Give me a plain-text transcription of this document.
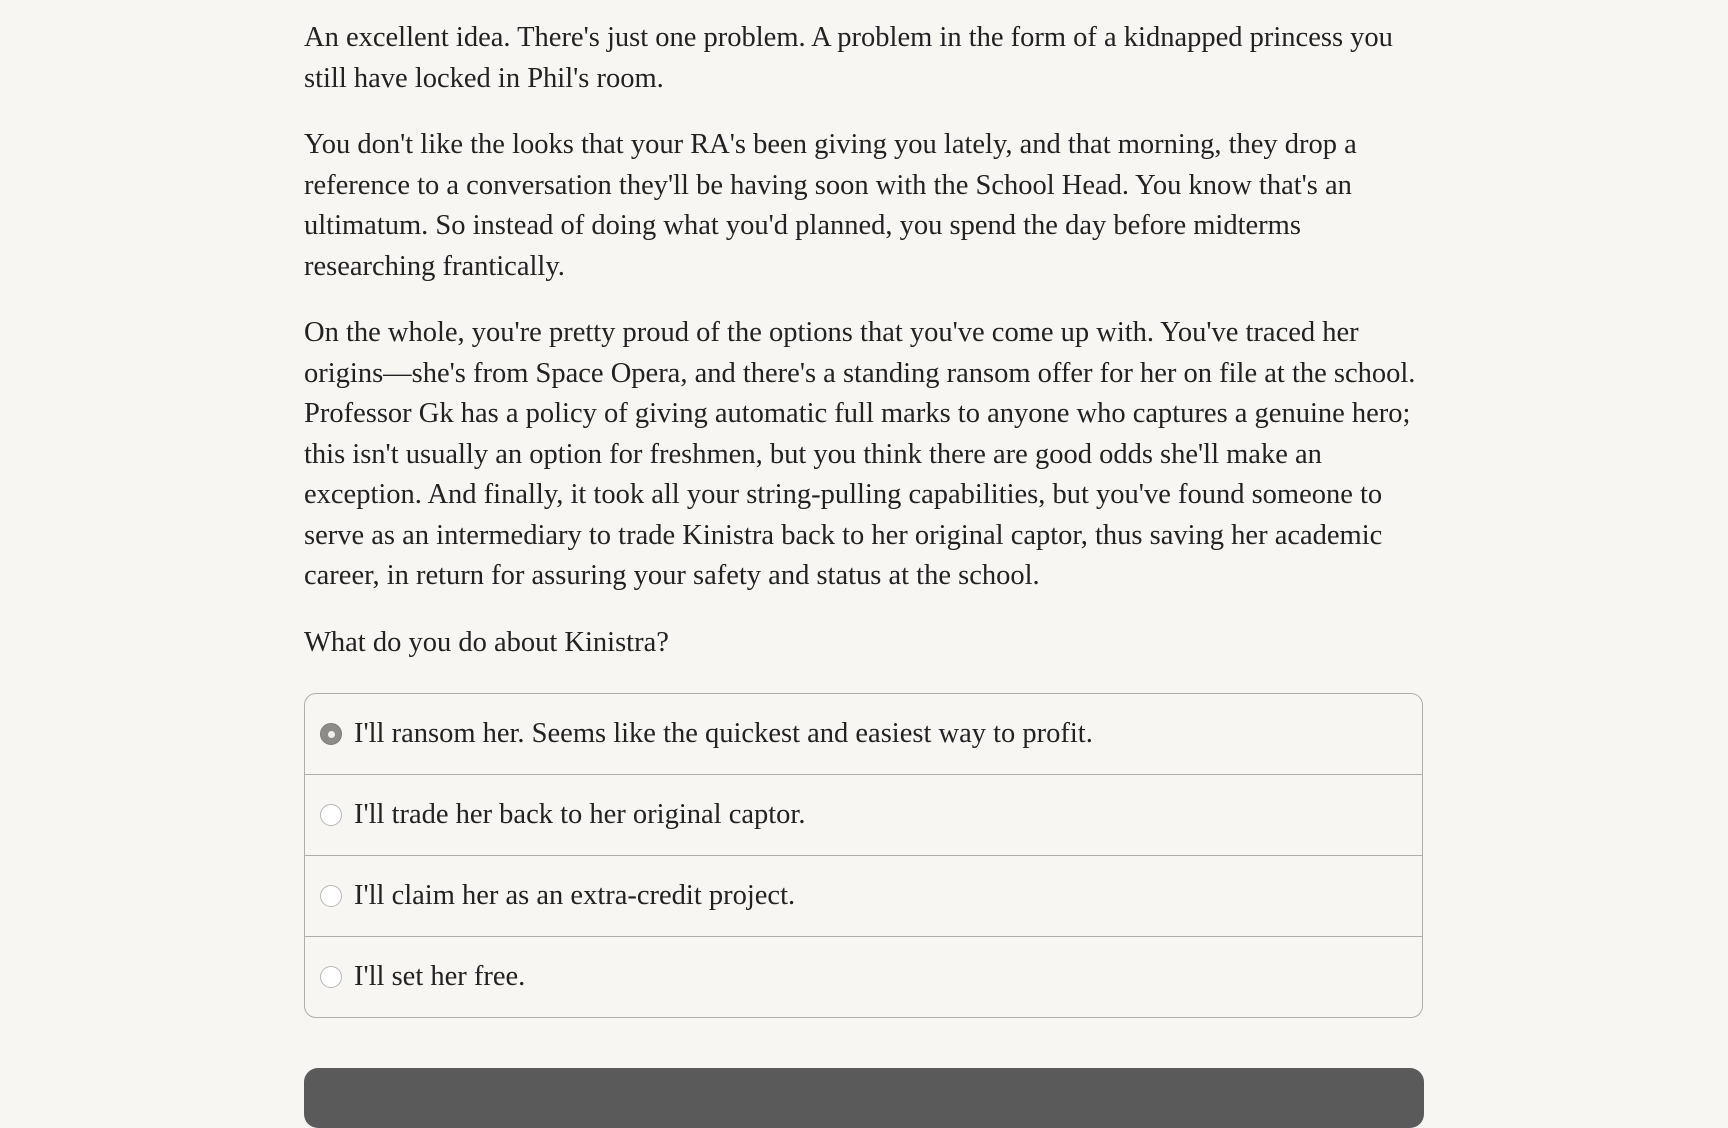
An excellent idea. There's just one problem. A problem in the form of a kidnapped princess you still have locked in Phil's room.

You don't like the looks that your RA's been giving you lately, and that morning, they drop a reference to a conversation they'll be having soon with the School Head. You know that's an ultimatum. So instead of doing what you'd planned, you spend the day before midterms researching frantically.

On the whole, you're pretty proud of the options that you've come up with. You've traced her origins—she's from Space Opera, and there's a standing ransom offer for her on file at the school. Professor Gk has a policy of giving automatic full marks to anyone who captures a genuine hero; this isn't usually an option for freshmen, but you think there are good odds she'll make an exception. And finally, it took all your string-pulling capabilities, but you've found someone to serve as an intermediary to trade Kinistra back to her original captor, thus saving her academic career, in return for assuring your safety and status at the school.

What do you do about Kinistra?

I'll ransom her. Seems like the quickest and easiest way to profit.
I'll trade her back to her original captor.
I'll claim her as an extra-credit project.
I'll set her free.
